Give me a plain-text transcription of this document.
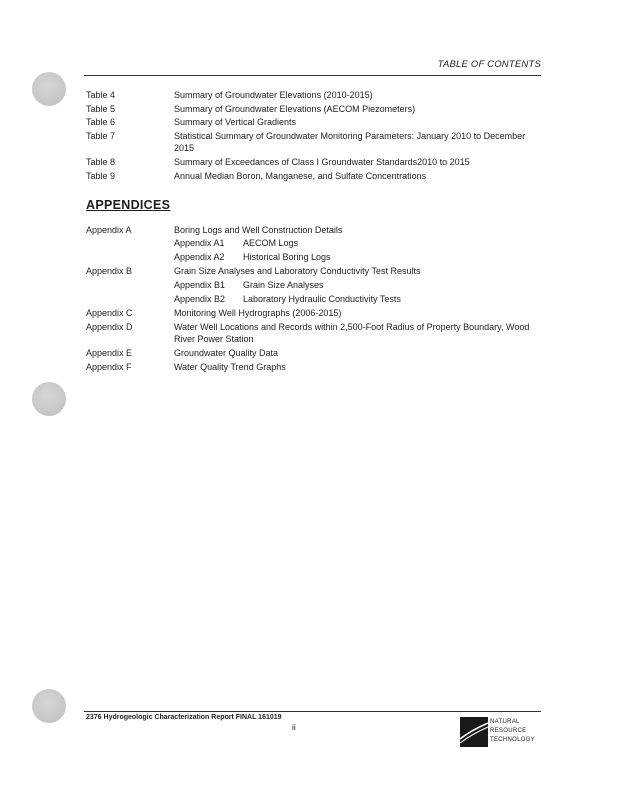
TABLE OF CONTENTS
Table 4	Summary of Groundwater Elevations (2010-2015)
Table 5	Summary of Groundwater Elevations (AECOM Piezometers)
Table 6	Summary of Vertical Gradients
Table 7	Statistical Summary of Groundwater Monitoring Parameters: January 2010 to December 2015
Table 8	Summary of Exceedances of Class I Groundwater Standards2010 to 2015
Table 9	Annual Median Boron, Manganese, and Sulfate Concentrations
APPENDICES
Appendix A	Boring Logs and Well Construction Details
Appendix A1 AECOM Logs
Appendix A2 Historical Boring Logs
Appendix B	Grain Size Analyses and Laboratory Conductivity Test Results
Appendix B1 Grain Size Analyses
Appendix B2 Laboratory Hydraulic Conductivity Tests
Appendix C	Monitoring Well Hydrographs (2006-2015)
Appendix D	Water Well Locations and Records within 2,500-Foot Radius of Property Boundary, Wood River Power Station
Appendix E	Groundwater Quality Data
Appendix F	Water Quality Trend Graphs
2376 Hydrogeologic Characterization Report FINAL 161019
ii	NATURAL
RESOURCE
TECHNOLOGY
